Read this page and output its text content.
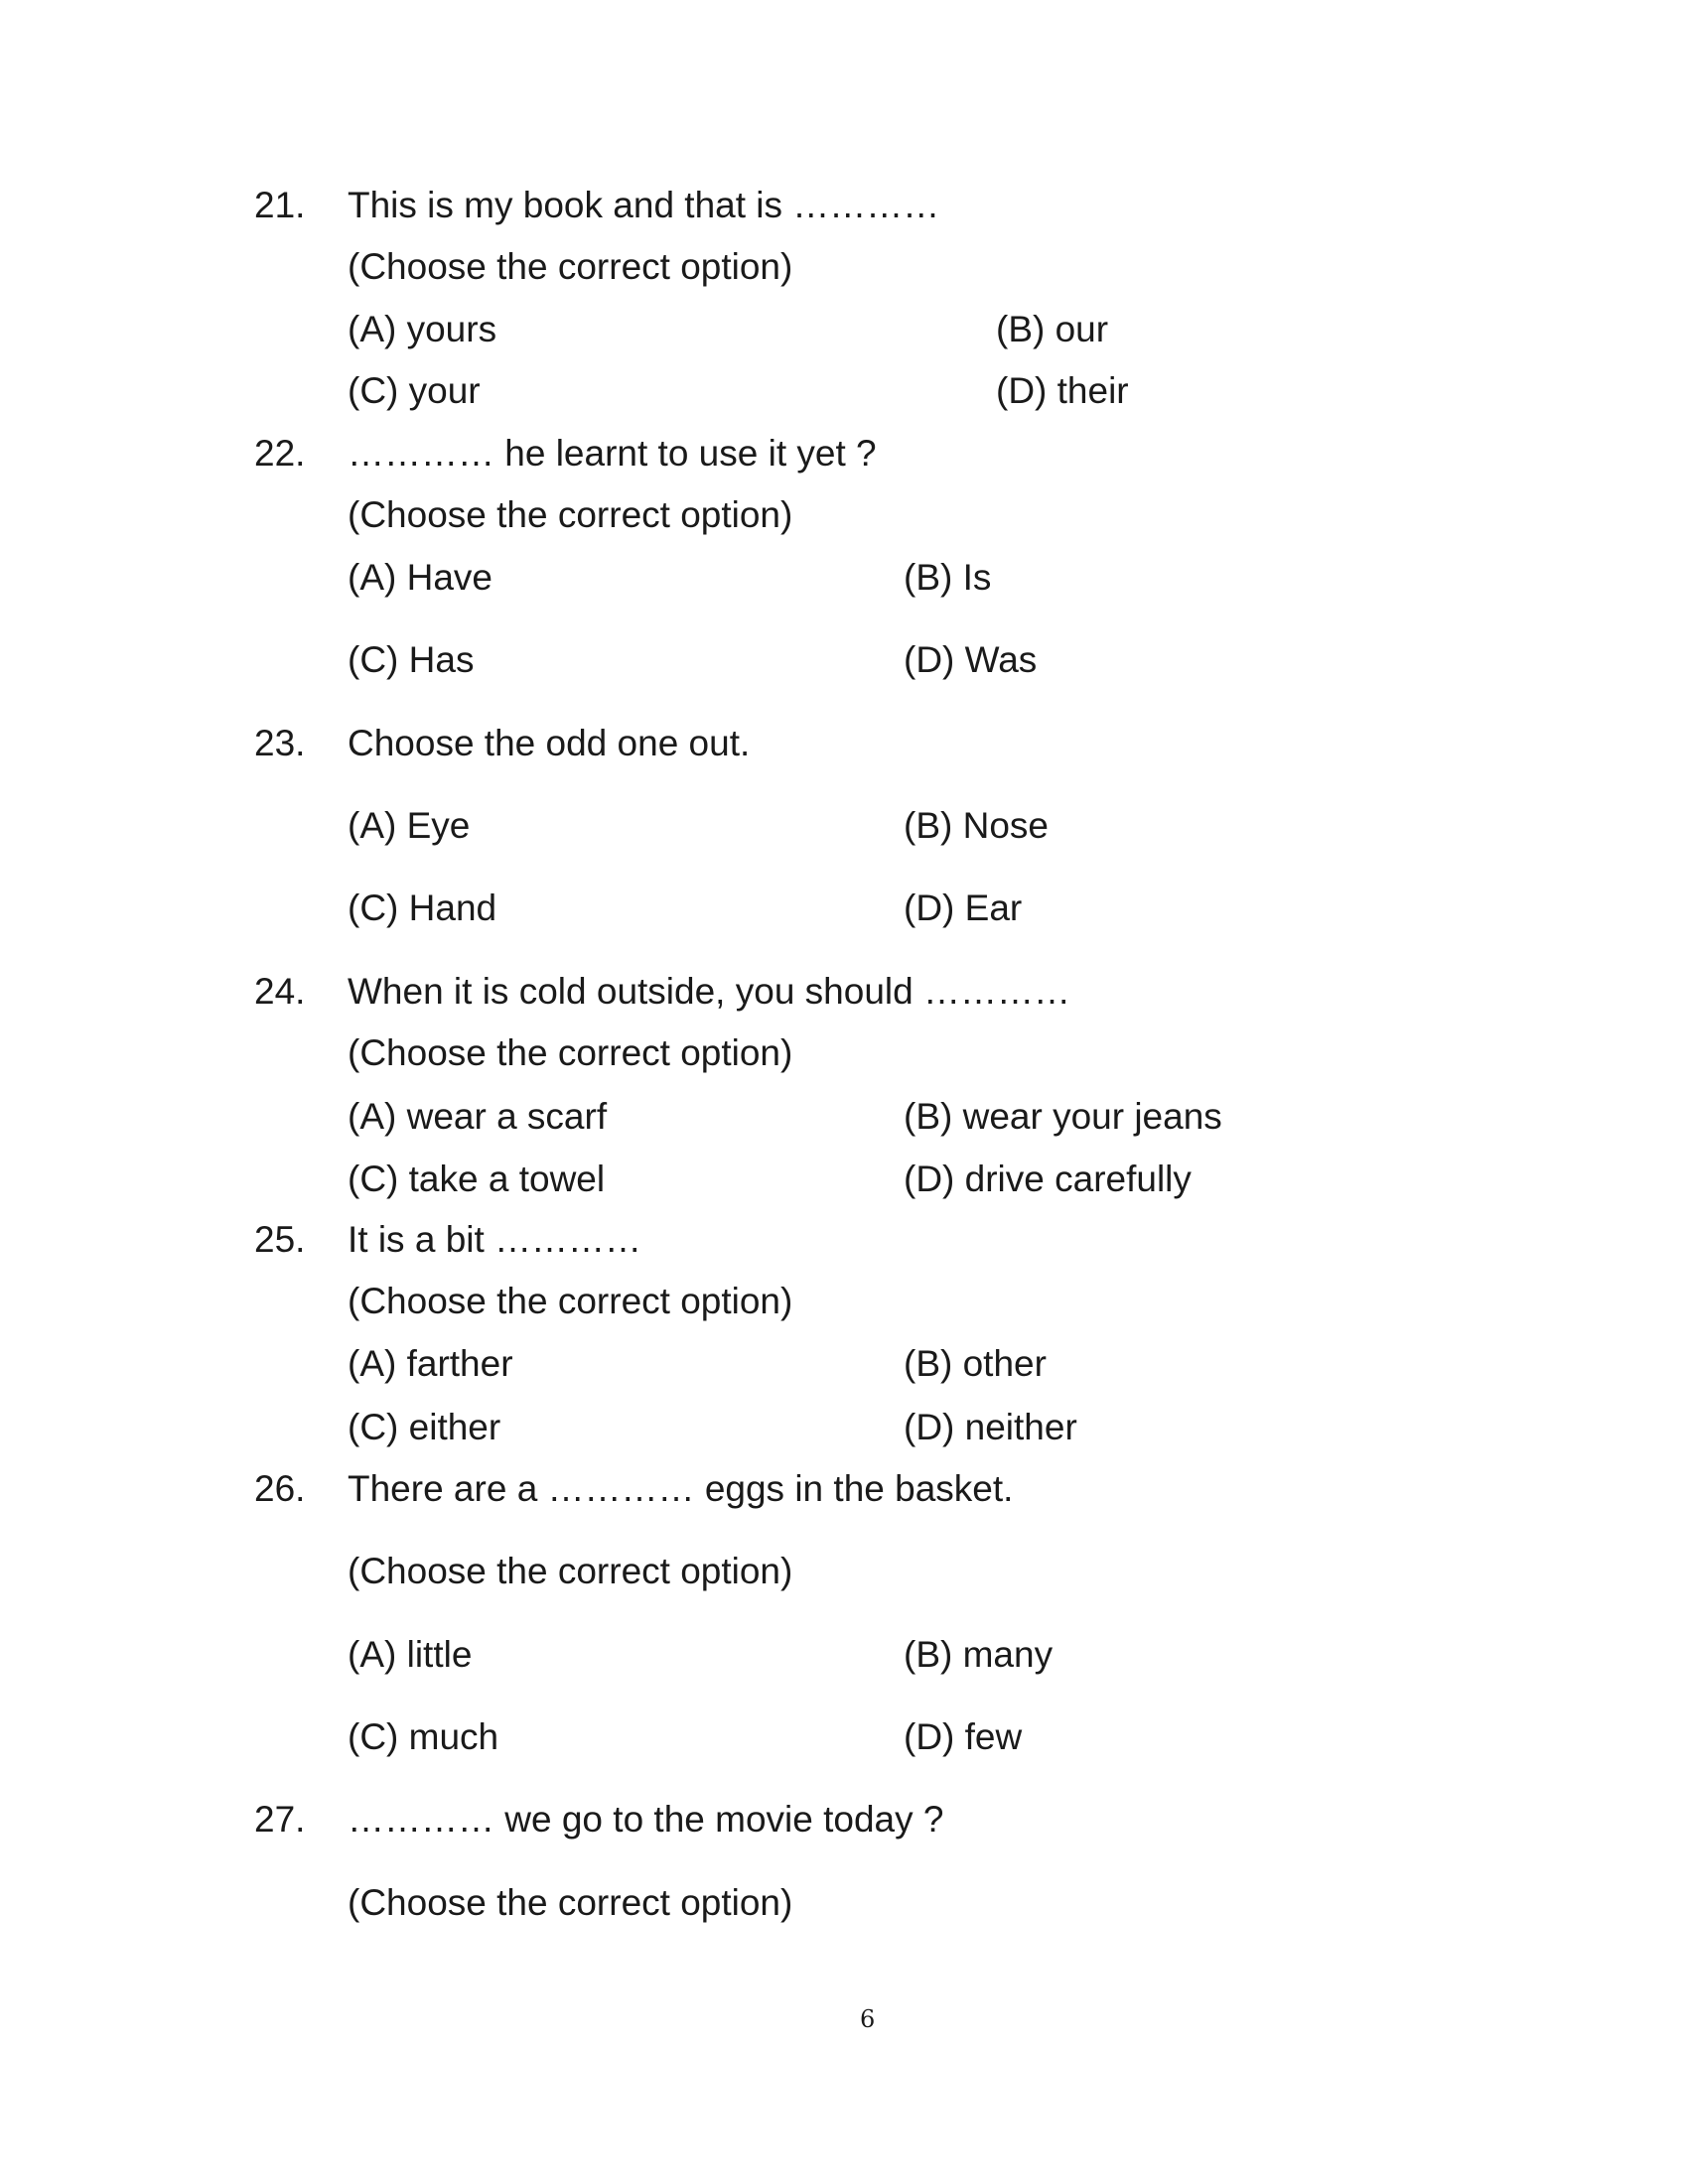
21. This is my book and that is …………
(Choose the correct option)
(A) yours	(B) our
(C) your	(D) their
22. ………… he learnt to use it yet ?
(Choose the correct option)
(A) Have	(B) Is
(C) Has	(D) Was
23. Choose the odd one out.
(A) Eye	(B) Nose
(C) Hand	(D) Ear
24. When it is cold outside, you should …………
(Choose the correct option)
(A) wear a scarf	(B) wear your jeans
(C) take a towel	(D) drive carefully
25. It is a bit …………
(Choose the correct option)
(A) farther	(B) other
(C) either	(D) neither
26. There are a ………… eggs in the basket.
(Choose the correct option)
(A) little	(B) many
(C) much	(D) few
27. ………… we go to the movie today ?
(Choose the correct option)
6
